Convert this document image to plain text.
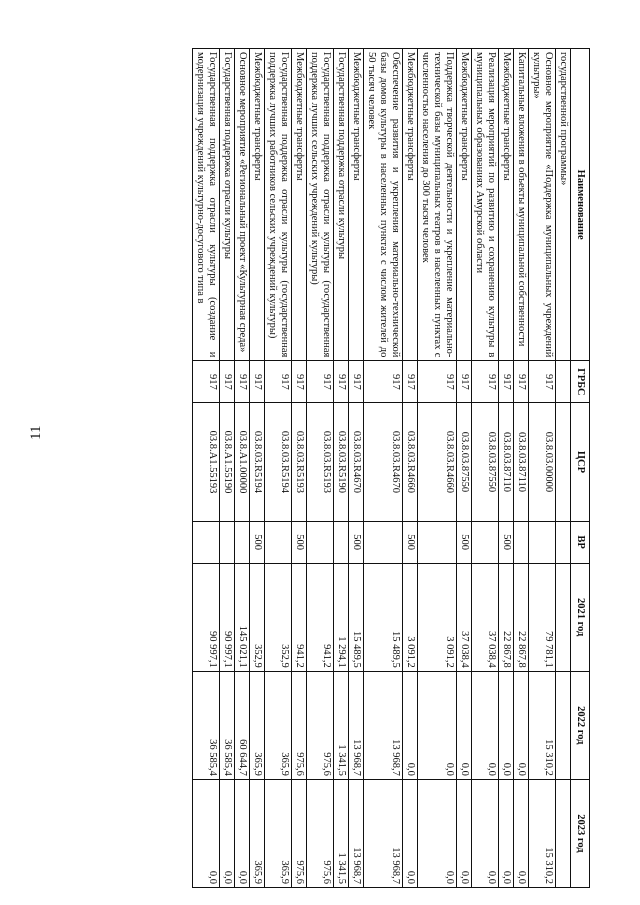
11
Наименование	ГРБС	ЦСР	ВР	2021 год	2022 год	2023 год
государственной программы»						
Основное мероприятие «Поддержка муниципальных учреждений культуры»	917	03.8.03.00000		79 781,1	15 310,2	15 310,2
Капитальные вложения в объекты муниципальной собственности	917	03.8.03.87110		22 867,8	0,0	0,0
Межбюджетные трансферты	917	03.8.03.87110	500	22 867,8	0,0	0,0
Реализация мероприятий по развитию и сохранению культуры в муниципальных образованиях Амурской области	917	03.8.03.87550		37 038,4	0,0	0,0
Межбюджетные трансферты	917	03.8.03.87550	500	37 038,4	0,0	0,0
Поддержка творческой деятельности и укрепление материально-технической базы муниципальных театров в населенных пунктах с численностью населения до 300 тысяч человек	917	03.8.03.R4660		3 091,2	0,0	0,0
Межбюджетные трансферты	917	03.8.03.R4660	500	3 091,2	0,0	0,0
Обеспечение развития и укрепления материально-технической базы домов культуры в населенных пунктах с числом жителей до 50 тысяч человек	917	03.8.03.R4670		15 489,5	13 968,7	13 968,7
Межбюджетные трансферты	917	03.8.03.R4670	500	15 489,5	13 968,7	13 968,7
Государственная поддержка отрасли культуры	917	03.8.03.R5190		1 294,1	1 341,5	1 341,5
Государственная поддержка отрасли культуры (государственная поддержка лучших сельских учреждений культуры)	917	03.8.03.R5193		941,2	975,6	975,6
Межбюджетные трансферты	917	03.8.03.R5193	500	941,2	975,6	975,6
Государственная поддержка отрасли культуры (государственная поддержка лучших работников сельских учреждений культуры)	917	03.8.03.R5194		352,9	365,9	365,9
Межбюджетные трансферты	917	03.8.03.R5194	500	352,9	365,9	365,9
Основное мероприятие «Региональный проект «Культурная среда»	917	03.8.A1.00000		145 021,1	60 644,7	0,0
Государственная поддержка отрасли культуры	917	03.8.A1.55190		90 997,1	36 585,4	0,0
Государственная поддержка отрасли культуры (создание и модернизация учреждений культурно-досугового типа в	917	03.8.A1.55193		90 997,1	36 585,4	0,0
